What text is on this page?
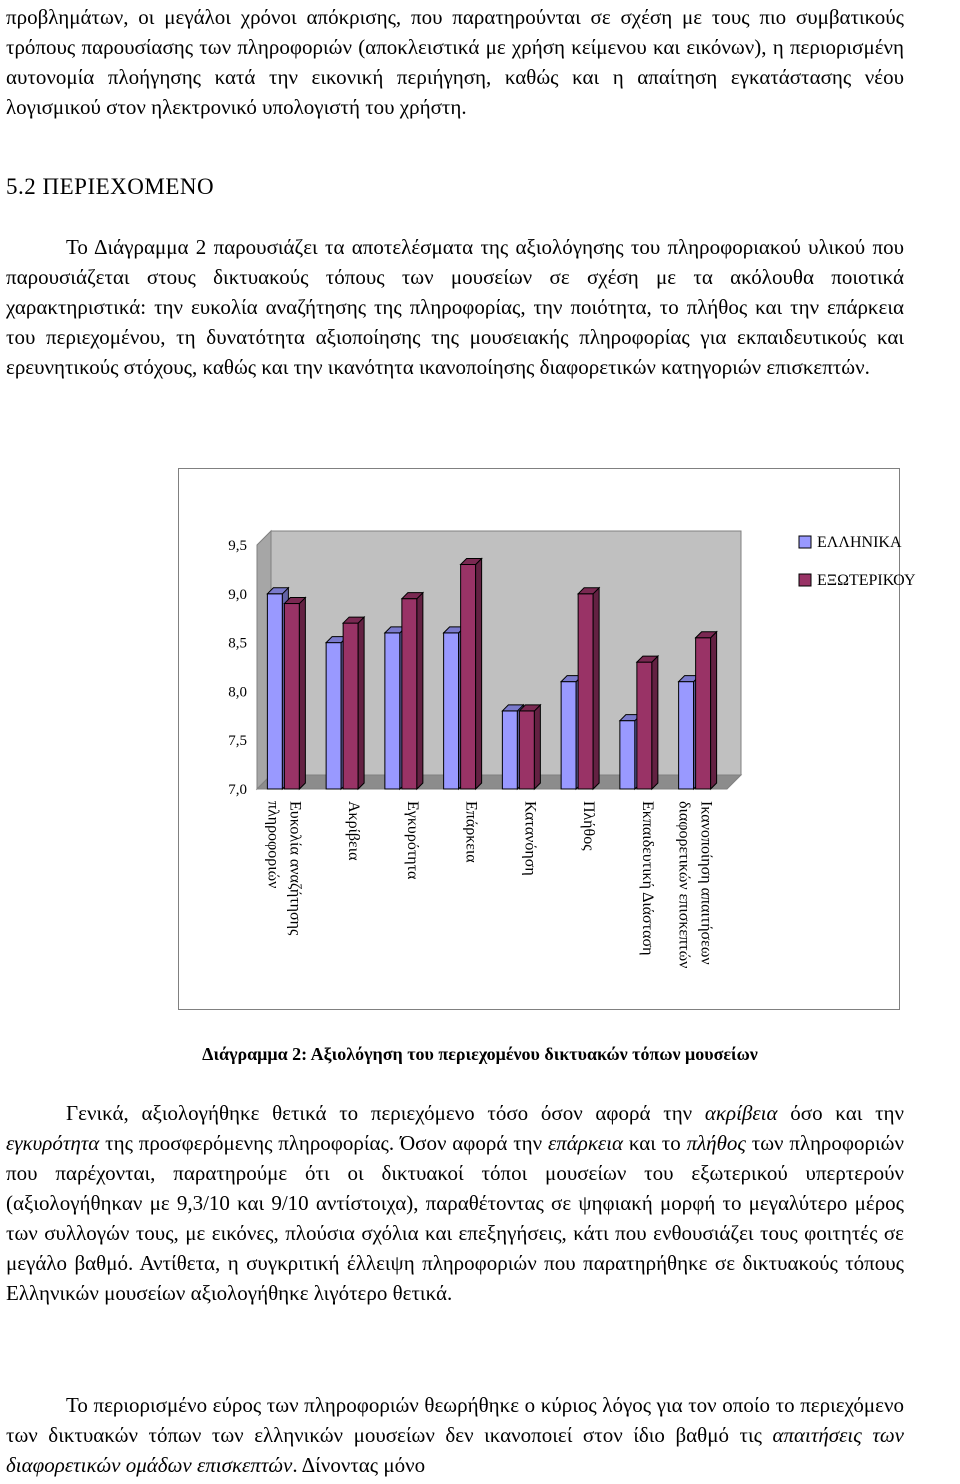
προβλημάτων, οι μεγάλοι χρόνοι απόκρισης, που παρατηρούνται σε σχέση με τους πιο συμβατικούς τρόπους παρουσίασης των πληροφοριών (αποκλειστικά με χρήση κείμενου και εικόνων), η περιορισμένη αυτονομία πλοήγησης κατά την εικονική περιήγηση, καθώς και η απαίτηση εγκατάστασης νέου λογισμικού στον ηλεκτρονικό υπολογιστή του χρήστη.

5.2 ΠΕΡΙΕΧΟΜΕΝΟ

Το Διάγραμμα 2 παρουσιάζει τα αποτελέσματα της αξιολόγησης του πληροφοριακού υλικού που παρουσιάζεται στους δικτυακούς τόπους των μουσείων σε σχέση με τα ακόλουθα ποιοτικά χαρακτηριστικά: την ευκολία αναζήτησης της πληροφορίας, την ποιότητα, το πλήθος και την επάρκεια του περιεχομένου, τη δυνατότητα αξιοποίησης της μουσειακής πληροφορίας για εκπαιδευτικούς και ερευνητικούς στόχους, καθώς και την ικανότητα ικανοποίησης διαφορετικών κατηγοριών επισκεπτών.

9,5
9,0
8,5
8,0
7,5
7,0
Ευκολία αναζήτησης
πληροφοριών	Ακρίβεια	Εγκυρότητα	Επάρκεια	Κατανόηση	Πλήθος	Εκπαιδευτική Διάσταση	Ικανοποίηση απαιτήσεων
διαφορετικών επισκεπτών
ΕΛΛΗΝΙΚΑ
ΕΞΩΤΕΡΙΚΟΥ

Διάγραμμα 2: Αξιολόγηση του περιεχομένου δικτυακών τόπων μουσείων

Γενικά, αξιολογήθηκε θετικά το περιεχόμενο τόσο όσον αφορά την ακρίβεια όσο και την εγκυρότητα της προσφερόμενης πληροφορίας. Όσον αφορά την επάρκεια και το πλήθος των πληροφοριών που παρέχονται, παρατηρούμε ότι οι δικτυακοί τόποι μουσείων του εξωτερικού υπερτερούν (αξιολογήθηκαν με 9,3/10 και 9/10 αντίστοιχα), παραθέτοντας σε ψηφιακή μορφή το μεγαλύτερο μέρος των συλλογών τους, με εικόνες, πλούσια σχόλια και επεξηγήσεις, κάτι που ενθουσιάζει τους φοιτητές σε μεγάλο βαθμό. Αντίθετα, η συγκριτική έλλειψη πληροφοριών που παρατηρήθηκε σε δικτυακούς τόπους Ελληνικών μουσείων αξιολογήθηκε λιγότερο θετικά.

Το περιορισμένο εύρος των πληροφοριών θεωρήθηκε ο κύριος λόγος για τον οποίο το περιεχόμενο των δικτυακών τόπων των ελληνικών μουσείων δεν ικανοποιεί στον ίδιο βαθμό τις απαιτήσεις των διαφορετικών ομάδων επισκεπτών. Δίνοντας μόνο
